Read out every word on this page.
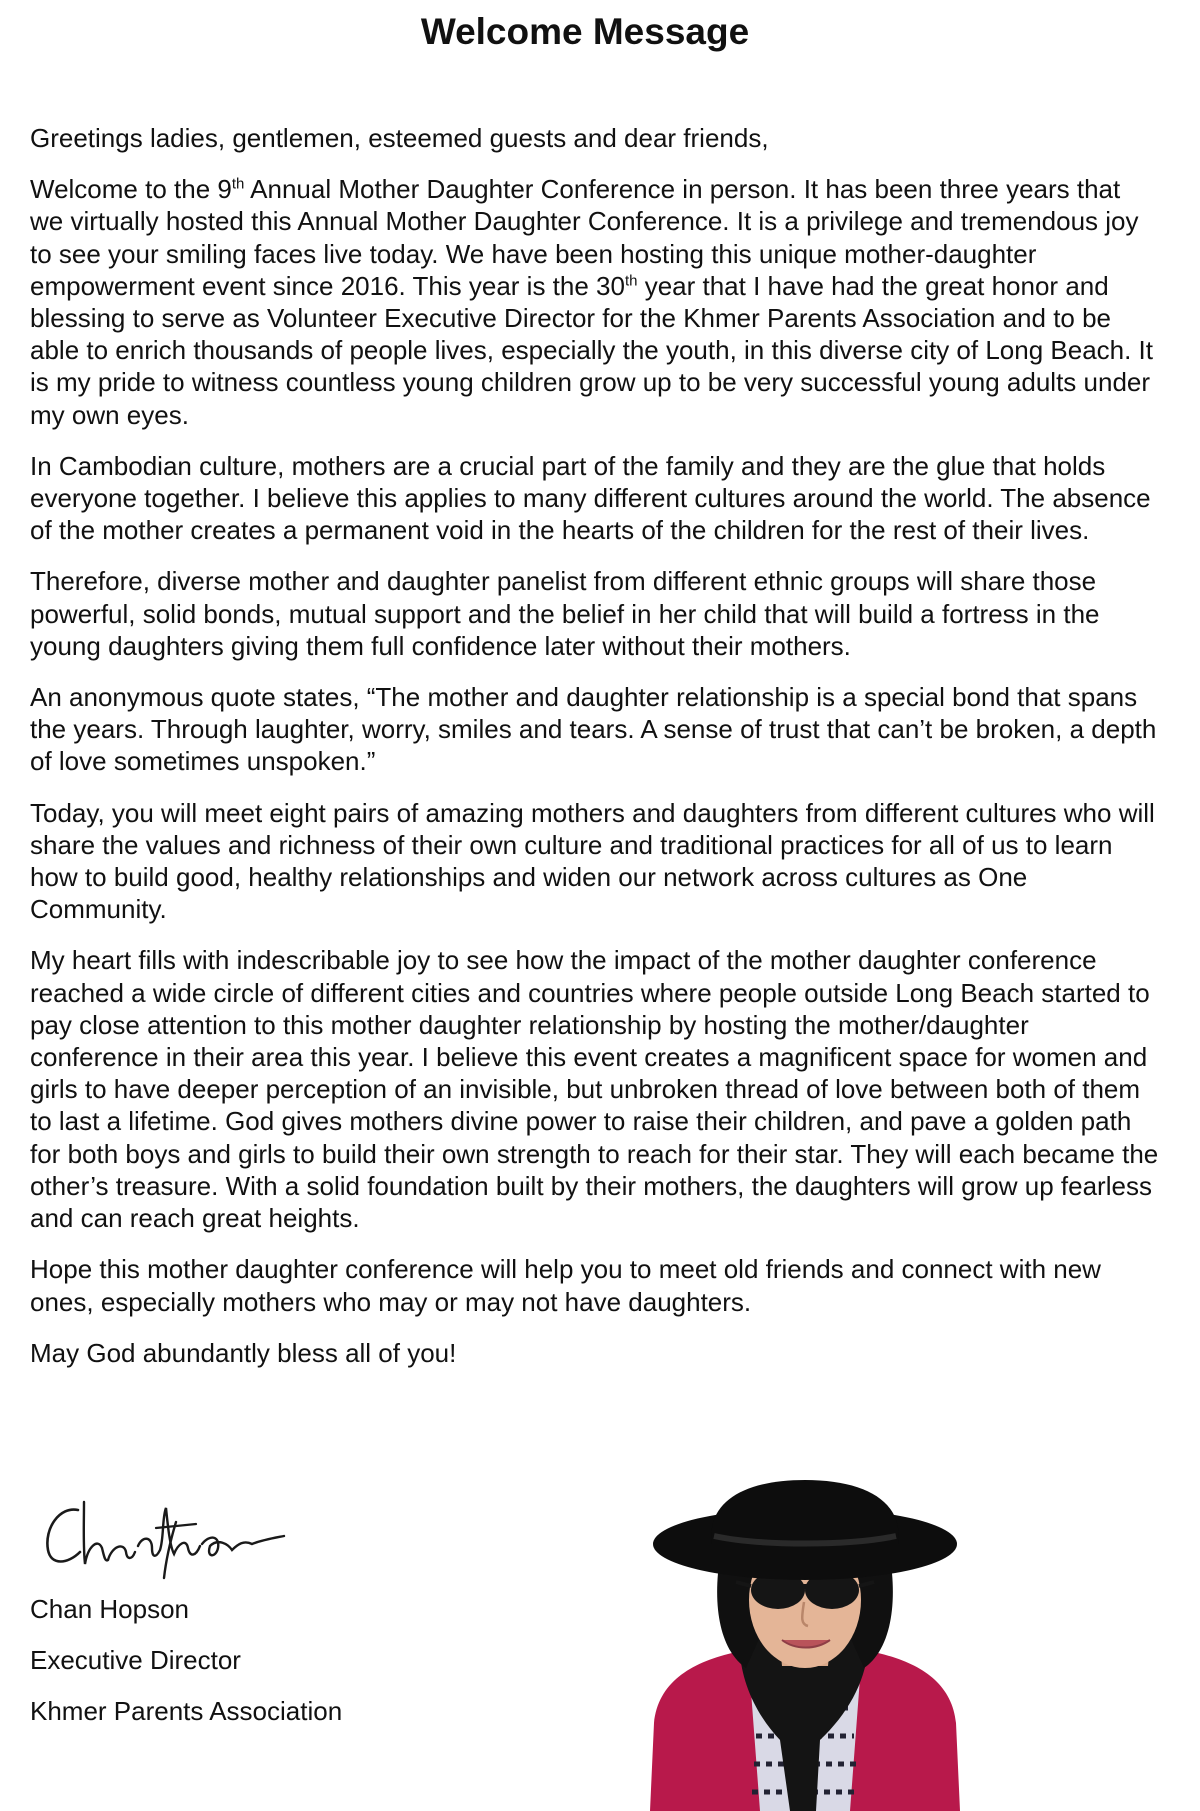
Welcome Message

Greetings ladies, gentlemen, esteemed guests and dear friends,

Welcome to the 9th Annual Mother Daughter Conference in person. It has been three years that we virtually hosted this Annual Mother Daughter Conference. It is a privilege and tremendous joy to see your smiling faces live today. We have been hosting this unique mother-daughter empowerment event since 2016. This year is the 30th year that I have had the great honor and blessing to serve as Volunteer Executive Director for the Khmer Parents Association and to be able to enrich thousands of people lives, especially the youth, in this diverse city of Long Beach. It is my pride to witness countless young children grow up to be very successful young adults under my own eyes.

In Cambodian culture, mothers are a crucial part of the family and they are the glue that holds everyone together. I believe this applies to many different cultures around the world. The absence of the mother creates a permanent void in the hearts of the children for the rest of their lives.

Therefore, diverse mother and daughter panelist from different ethnic groups will share those powerful, solid bonds, mutual support and the belief in her child that will build a fortress in the young daughters giving them full confidence later without their mothers.

An anonymous quote states, “The mother and daughter relationship is a special bond that spans the years. Through laughter, worry, smiles and tears. A sense of trust that can’t be broken, a depth of love sometimes unspoken.”

Today, you will meet eight pairs of amazing mothers and daughters from different cultures who will share the values and richness of their own culture and traditional practices for all of us to learn how to build good, healthy relationships and widen our network across cultures as One Community.

My heart fills with indescribable joy to see how the impact of the mother daughter conference reached a wide circle of different cities and countries where people outside Long Beach started to pay close attention to this mother daughter relationship by hosting the mother/daughter conference in their area this year. I believe this event creates a magnificent space for women and girls to have deeper perception of an invisible, but unbroken thread of love between both of them to last a lifetime. God gives mothers divine power to raise their children, and pave a golden path for both boys and girls to build their own strength to reach for their star. They will each became the other’s treasure. With a solid foundation built by their mothers, the daughters will grow up fearless and can reach great heights.

Hope this mother daughter conference will help you to meet old friends and connect with new ones, especially mothers who may or may not have daughters.

May God abundantly bless all of you!

Chan Hopson
Executive Director
Khmer Parents Association
